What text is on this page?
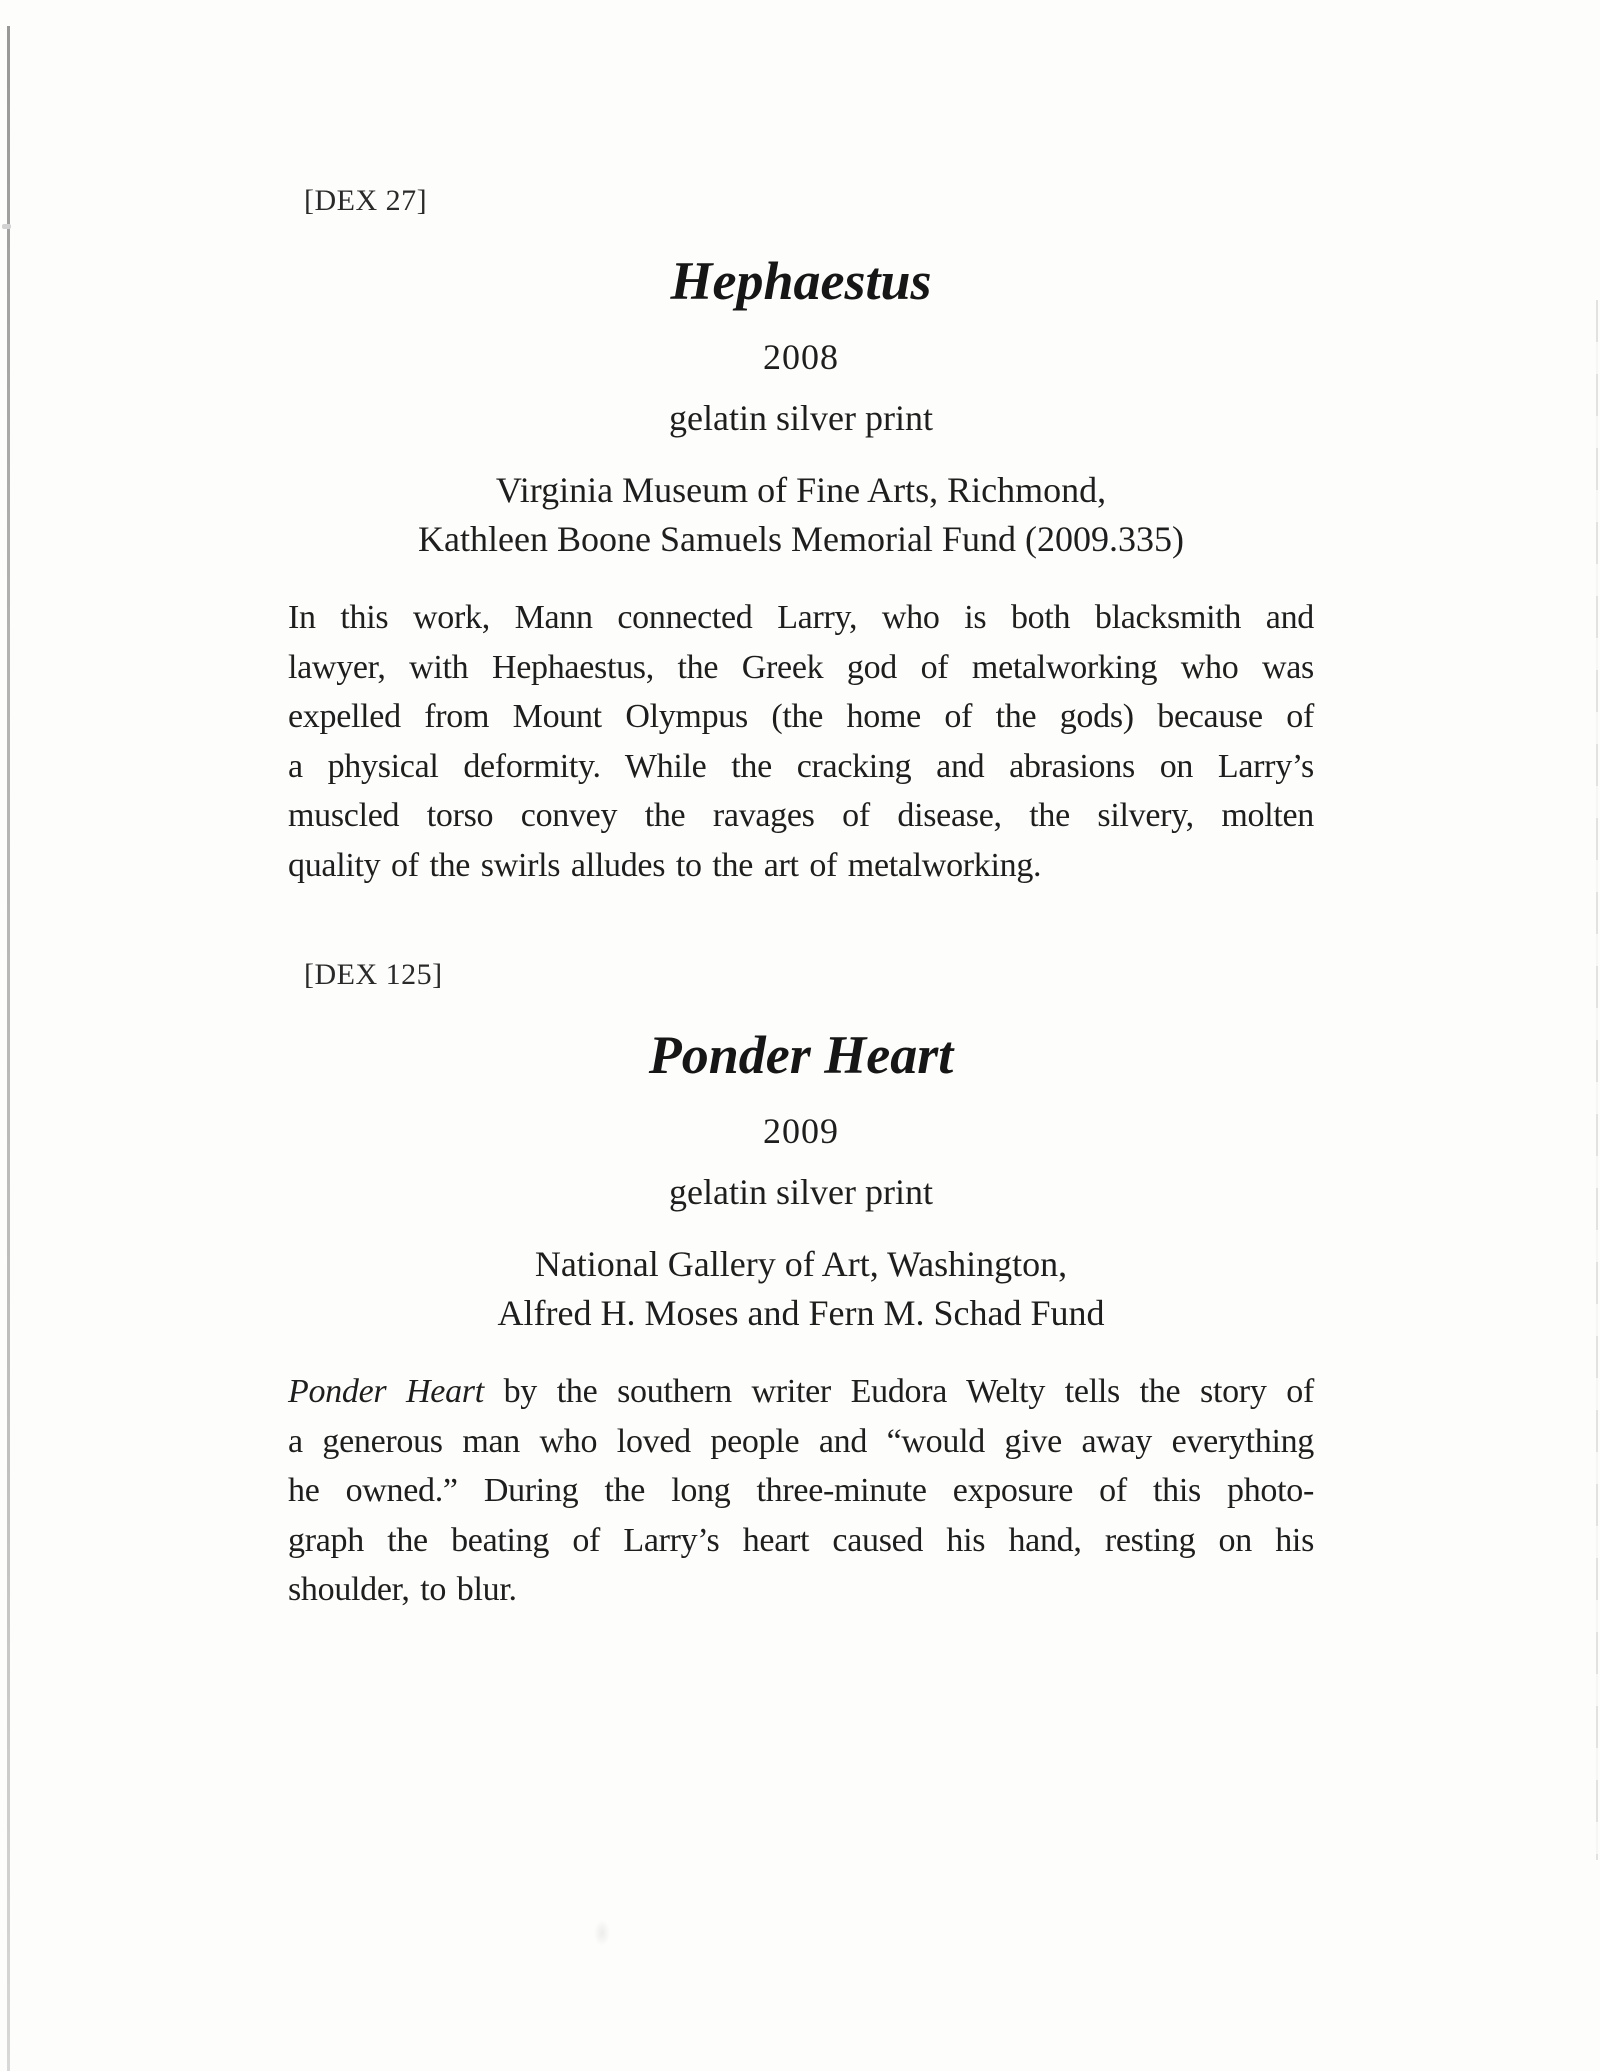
[DEX 27]
Hephaestus
2008
gelatin silver print
Virginia Museum of Fine Arts, Richmond,
Kathleen Boone Samuels Memorial Fund (2009.335)
In this work, Mann connected Larry, who is both blacksmith and
lawyer, with Hephaestus, the Greek god of metalworking who was
expelled from Mount Olympus (the home of the gods) because of
a physical deformity. While the cracking and abrasions on Larry’s
muscled torso convey the ravages of disease, the silvery, molten
quality of the swirls alludes to the art of metalworking.
[DEX 125]
Ponder Heart
2009
gelatin silver print
National Gallery of Art, Washington,
Alfred H. Moses and Fern M. Schad Fund
Ponder Heart by the southern writer Eudora Welty tells the story of
a generous man who loved people and “would give away everything
he owned.” During the long three-minute exposure of this photo-
graph the beating of Larry’s heart caused his hand, resting on his
shoulder, to blur.
